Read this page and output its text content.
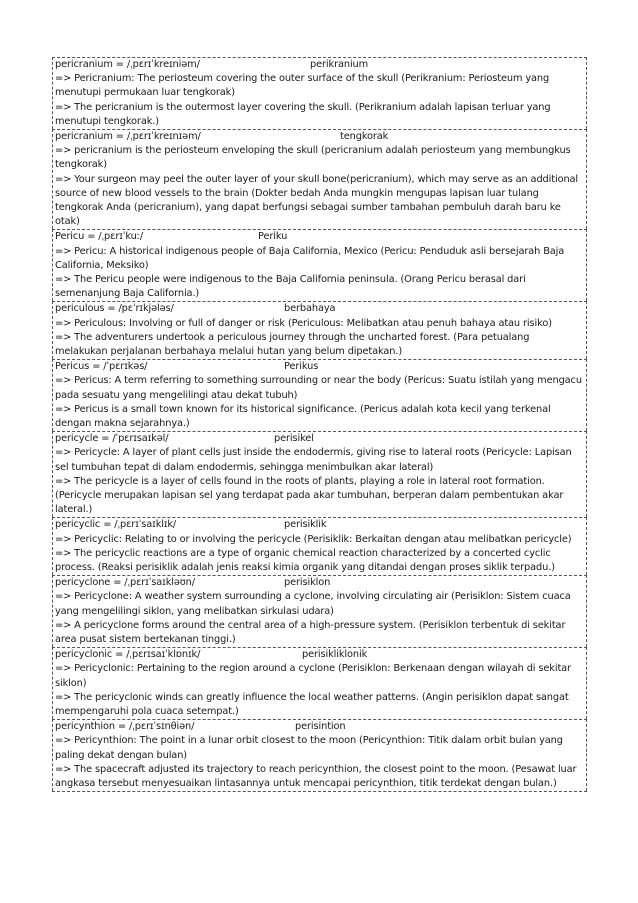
pericranium = /ˌpɛrɪˈkreɪniəm/	perikranium
=> Pericranium: The periosteum covering the outer surface of the skull (Perikranium: Periosteum yang menutupi permukaan luar tengkorak)
=> The pericranium is the outermost layer covering the skull. (Perikranium adalah lapisan terluar yang menutupi tengkorak.)
pericranium = /ˌpɛrɪˈkreɪnɪəm/	tengkorak
=> pericranium is the periosteum enveloping the skull (pericranium adalah periosteum yang membungkus tengkorak)
=> Your surgeon may peel the outer layer of your skull bone(pericranium), which may serve as an additional source of new blood vessels to the brain (Dokter bedah Anda mungkin mengupas lapisan luar tulang tengkorak Anda (pericranium), yang dapat berfungsi sebagai sumber tambahan pembuluh darah baru ke otak)
Pericu = /ˌpɛrɪˈkuː/	Periku
=> Pericu: A historical indigenous people of Baja California, Mexico (Pericu: Penduduk asli bersejarah Baja California, Meksiko)
=> The Pericu people were indigenous to the Baja California peninsula. (Orang Pericu berasal dari semenanjung Baja California.)
periculous = /pɛˈrɪkjələs/	berbahaya
=> Periculous: Involving or full of danger or risk (Periculous: Melibatkan atau penuh bahaya atau risiko)
=> The adventurers undertook a periculous journey through the uncharted forest. (Para petualang melakukan perjalanan berbahaya melalui hutan yang belum dipetakan.)
Pericus = /ˈpɛrɪkəs/	Perikus
=> Pericus: A term referring to something surrounding or near the body (Pericus: Suatu istilah yang mengacu pada sesuatu yang mengelilingi atau dekat tubuh)
=> Pericus is a small town known for its historical significance. (Pericus adalah kota kecil yang terkenal dengan makna sejarahnya.)
pericycle = /ˈpɛrɪsaɪkəl/	perisikel
=> Pericycle: A layer of plant cells just inside the endodermis, giving rise to lateral roots (Pericycle: Lapisan sel tumbuhan tepat di dalam endodermis, sehingga menimbulkan akar lateral)
=> The pericycle is a layer of cells found in the roots of plants, playing a role in lateral root formation. (Pericycle merupakan lapisan sel yang terdapat pada akar tumbuhan, berperan dalam pembentukan akar lateral.)
pericyclic = /ˌpɛrɪˈsaɪklɪk/	perisiklik
=> Pericyclic: Relating to or involving the pericycle (Perisiklik: Berkaitan dengan atau melibatkan pericycle)
=> The pericyclic reactions are a type of organic chemical reaction characterized by a concerted cyclic process. (Reaksi perisiklik adalah jenis reaksi kimia organik yang ditandai dengan proses siklik terpadu.)
pericyclone = /ˌpɛrɪˈsaɪkləʊn/	perisiklon
=> Pericyclone: A weather system surrounding a cyclone, involving circulating air (Perisiklon: Sistem cuaca yang mengelilingi siklon, yang melibatkan sirkulasi udara)
=> A pericyclone forms around the central area of a high-pressure system. (Perisiklon terbentuk di sekitar area pusat sistem bertekanan tinggi.)
pericyclonic = /ˌpɛrɪsaɪˈklɒnɪk/	perisikliklonik
=> Pericyclonic: Pertaining to the region around a cyclone (Perisiklon: Berkenaan dengan wilayah di sekitar siklon)
=> The pericyclonic winds can greatly influence the local weather patterns. (Angin perisiklon dapat sangat mempengaruhi pola cuaca setempat.)
pericynthion = /ˌpɛrɪˈsɪnθiən/	perisintion
=> Pericynthion: The point in a lunar orbit closest to the moon (Pericynthion: Titik dalam orbit bulan yang paling dekat dengan bulan)
=> The spacecraft adjusted its trajectory to reach pericynthion, the closest point to the moon. (Pesawat luar angkasa tersebut menyesuaikan lintasannya untuk mencapai pericynthion, titik terdekat dengan bulan.)
